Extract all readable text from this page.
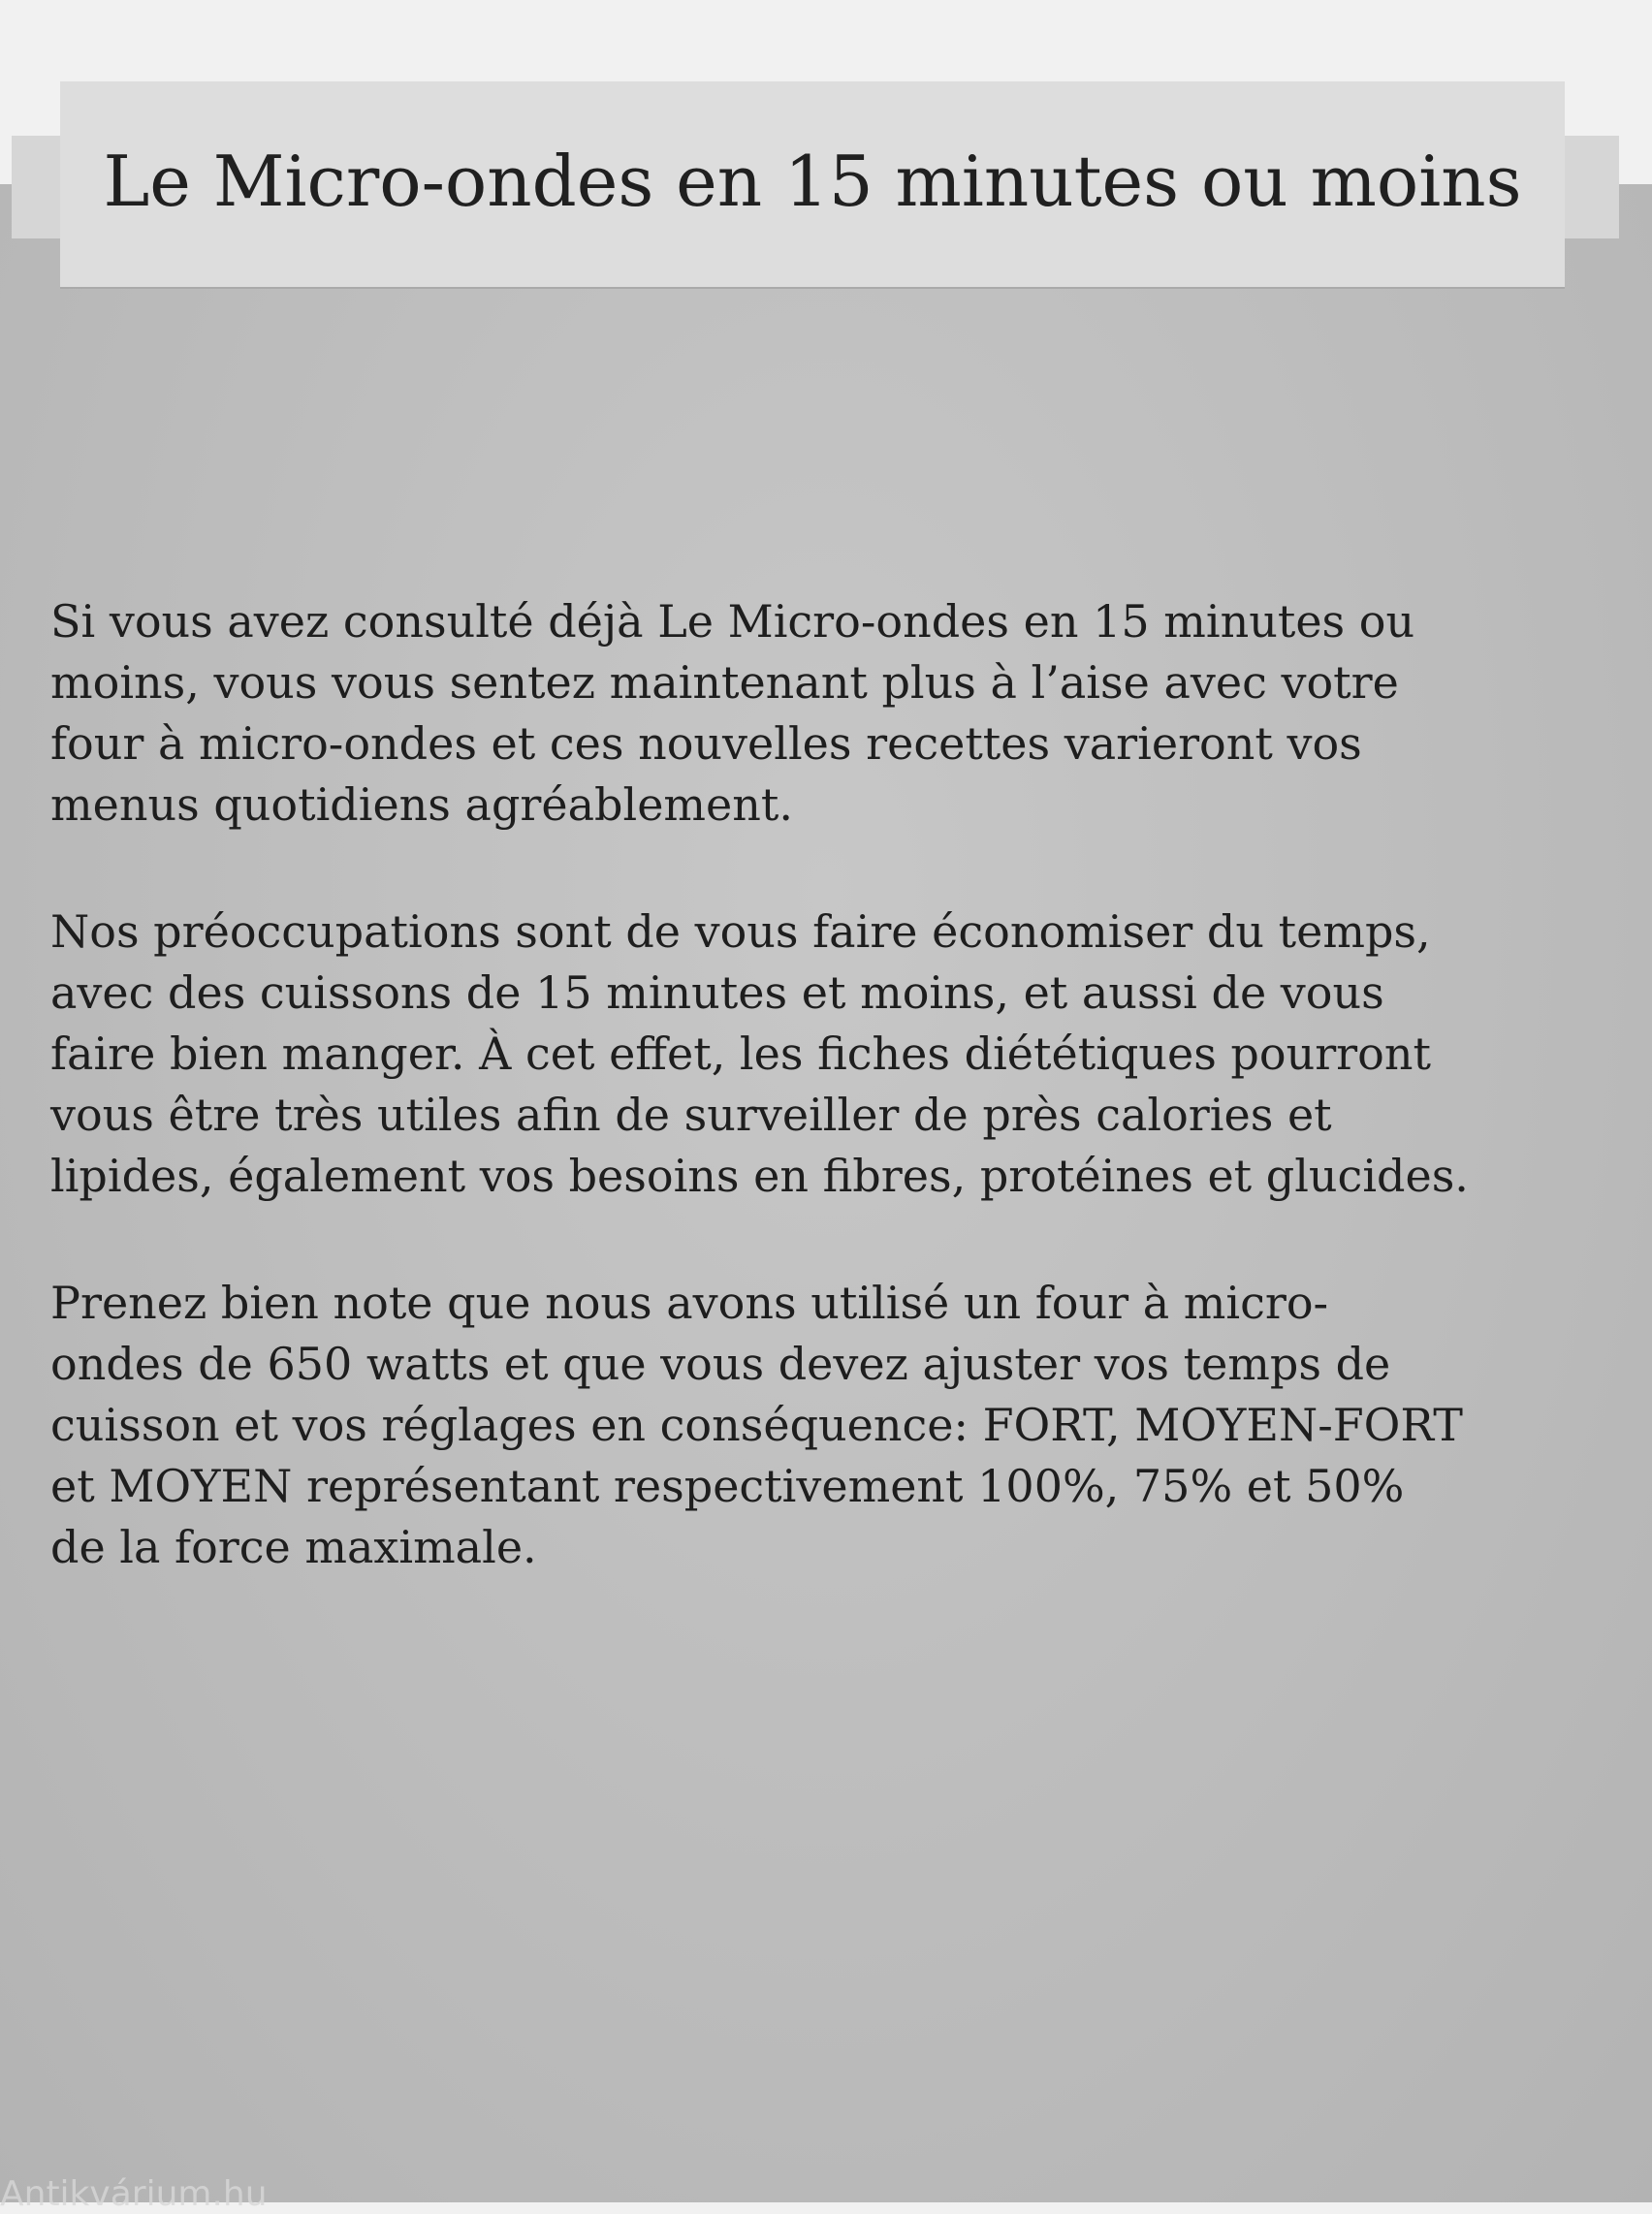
Le Micro-ondes en 15 minutes ou moins

Si vous avez consulté déjà Le Micro-ondes en 15 minutes ou
moins, vous vous sentez maintenant plus à l’aise avec votre
four à micro-ondes et ces nouvelles recettes varieront vos
menus quotidiens agréablement.

Nos préoccupations sont de vous faire économiser du temps,
avec des cuissons de 15 minutes et moins, et aussi de vous
faire bien manger. À cet effet, les fiches diététiques pourront
vous être très utiles afin de surveiller de près calories et
lipides, également vos besoins en fibres, protéines et glucides.

Prenez bien note que nous avons utilisé un four à micro-
ondes de 650 watts et que vous devez ajuster vos temps de
cuisson et vos réglages en conséquence: FORT, MOYEN-FORT
et MOYEN représentant respectivement 100%, 75% et 50%
de la force maximale.

Antikvárium.hu
